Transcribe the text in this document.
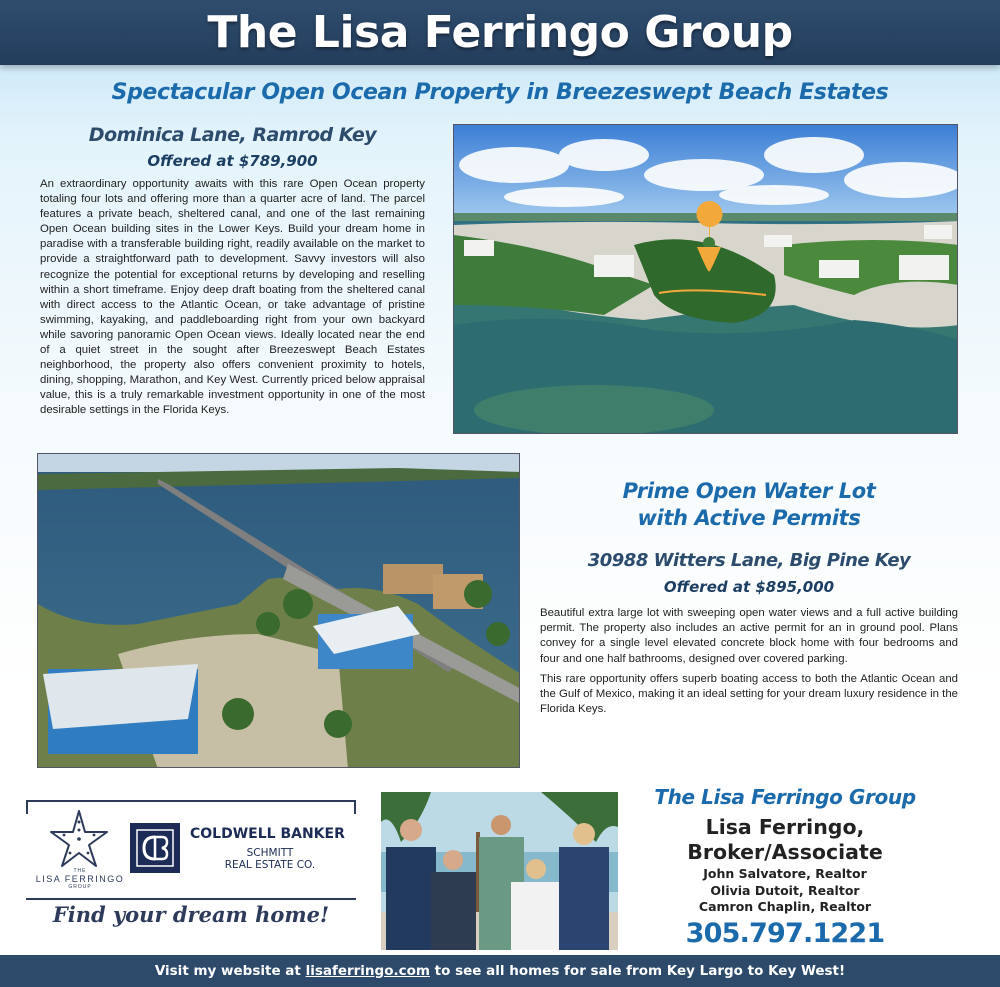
The Lisa Ferringo Group
Spectacular Open Ocean Property in Breezeswept Beach Estates
Dominica Lane, Ramrod Key
Offered at $789,900

An extraordinary opportunity awaits with this rare Open Ocean property totaling four lots and offering more than a quarter acre of land. The parcel features a private beach, sheltered canal, and one of the last remaining Open Ocean building sites in the Lower Keys. Build your dream home in paradise with a transferable building right, readily available on the market to provide a straightforward path to development. Savvy investors will also recognize the potential for exceptional returns by developing and reselling within a short timeframe. Enjoy deep draft boating from the sheltered canal with direct access to the Atlantic Ocean, or take advantage of pristine swimming, kayaking, and paddleboarding right from your own backyard while savoring panoramic Open Ocean views. Ideally located near the end of a quiet street in the sought after Breezeswept Beach Estates neighborhood, the property also offers convenient proximity to hotels, dining, shopping, Marathon, and Key West. Currently priced below appraisal value, this is a truly remarkable investment opportunity in one of the most desirable settings in the Florida Keys.

Prime Open Water Lot
with Active Permits
30988 Witters Lane, Big Pine Key
Offered at $895,000

Beautiful extra large lot with sweeping open water views and a full active building permit. The property also includes an active permit for an in ground pool. Plans convey for a single level elevated concrete block home with four bedrooms and four and one half bathrooms, designed over covered parking.

This rare opportunity offers superb boating access to both the Atlantic Ocean and the Gulf of Mexico, making it an ideal setting for your dream luxury residence in the Florida Keys.

THE
LISA FERRINGO
GROUP
COLDWELL BANKER
SCHMITT
REAL ESTATE CO.
Find your dream home!
The Lisa Ferringo Group
Lisa Ferringo,
Broker/Associate
John Salvatore, Realtor
Olivia Dutoit, Realtor
Camron Chaplin, Realtor
305.797.1221
Visit my website at lisaferringo.com to see all homes for sale from Key Largo to Key West!
